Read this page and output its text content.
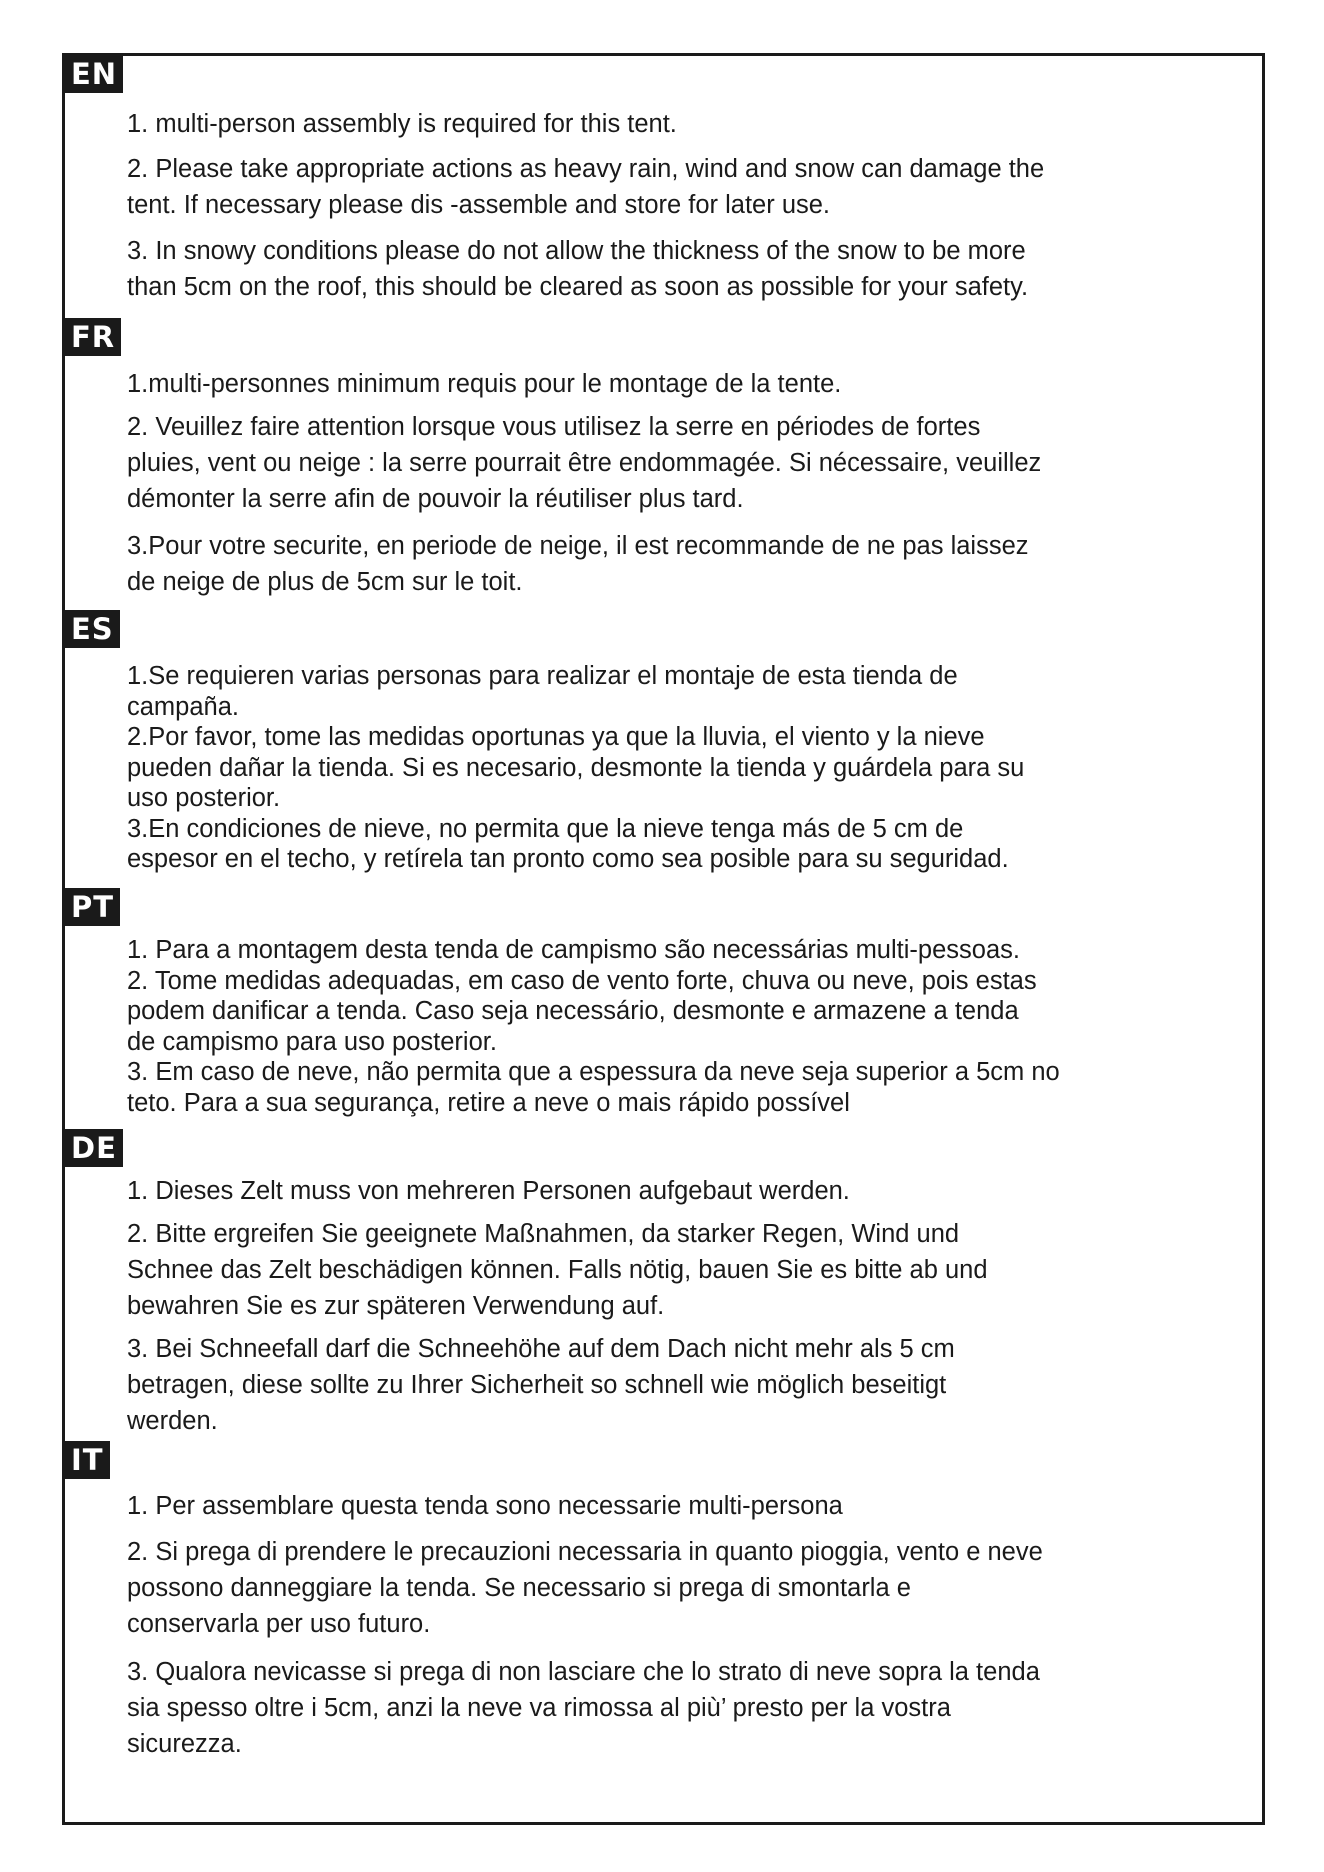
EN

1. multi-person assembly is required for this tent.

2. Please take appropriate actions as heavy rain, wind and snow can damage the
tent. If necessary please dis -assemble and store for later use.

3. In snowy conditions please do not allow the thickness of the snow to be more
than 5cm on the roof, this should be cleared as soon as possible for your safety.

FR

1.multi-personnes minimum requis pour le montage de la tente.

2. Veuillez faire attention lorsque vous utilisez la serre en périodes de fortes
pluies, vent ou neige : la serre pourrait être endommagée. Si nécessaire, veuillez
démonter la serre afin de pouvoir la réutiliser plus tard.

3.Pour votre securite, en periode de neige, il est recommande de ne pas laissez
de neige de plus de 5cm sur le toit.

ES

1.Se requieren varias personas para realizar el montaje de esta tienda de
campaña.
2.Por favor, tome las medidas oportunas ya que la lluvia, el viento y la nieve
pueden dañar la tienda. Si es necesario, desmonte la tienda y guárdela para su
uso posterior.
3.En condiciones de nieve, no permita que la nieve tenga más de 5 cm de
espesor en el techo, y retírela tan pronto como sea posible para su seguridad.

PT

1. Para a montagem desta tenda de campismo são necessárias multi-pessoas.
2. Tome medidas adequadas, em caso de vento forte, chuva ou neve, pois estas
podem danificar a tenda. Caso seja necessário, desmonte e armazene a tenda
de campismo para uso posterior.
3. Em caso de neve, não permita que a espessura da neve seja superior a 5cm no
teto. Para a sua segurança, retire a neve o mais rápido possível

DE

1. Dieses Zelt muss von mehreren Personen aufgebaut werden.

2. Bitte ergreifen Sie geeignete Maßnahmen, da starker Regen, Wind und
Schnee das Zelt beschädigen können. Falls nötig, bauen Sie es bitte ab und
bewahren Sie es zur späteren Verwendung auf.

3. Bei Schneefall darf die Schneehöhe auf dem Dach nicht mehr als 5 cm
betragen, diese sollte zu Ihrer Sicherheit so schnell wie möglich beseitigt
werden.

IT

1. Per assemblare questa tenda sono necessarie multi-persona

2. Si prega di prendere le precauzioni necessaria in quanto pioggia, vento e neve
possono danneggiare la tenda. Se necessario si prega di smontarla e
conservarla per uso futuro.

3. Qualora nevicasse si prega di non lasciare che lo strato di neve sopra la tenda
sia spesso oltre i 5cm, anzi la neve va rimossa al più’ presto per la vostra
sicurezza.
